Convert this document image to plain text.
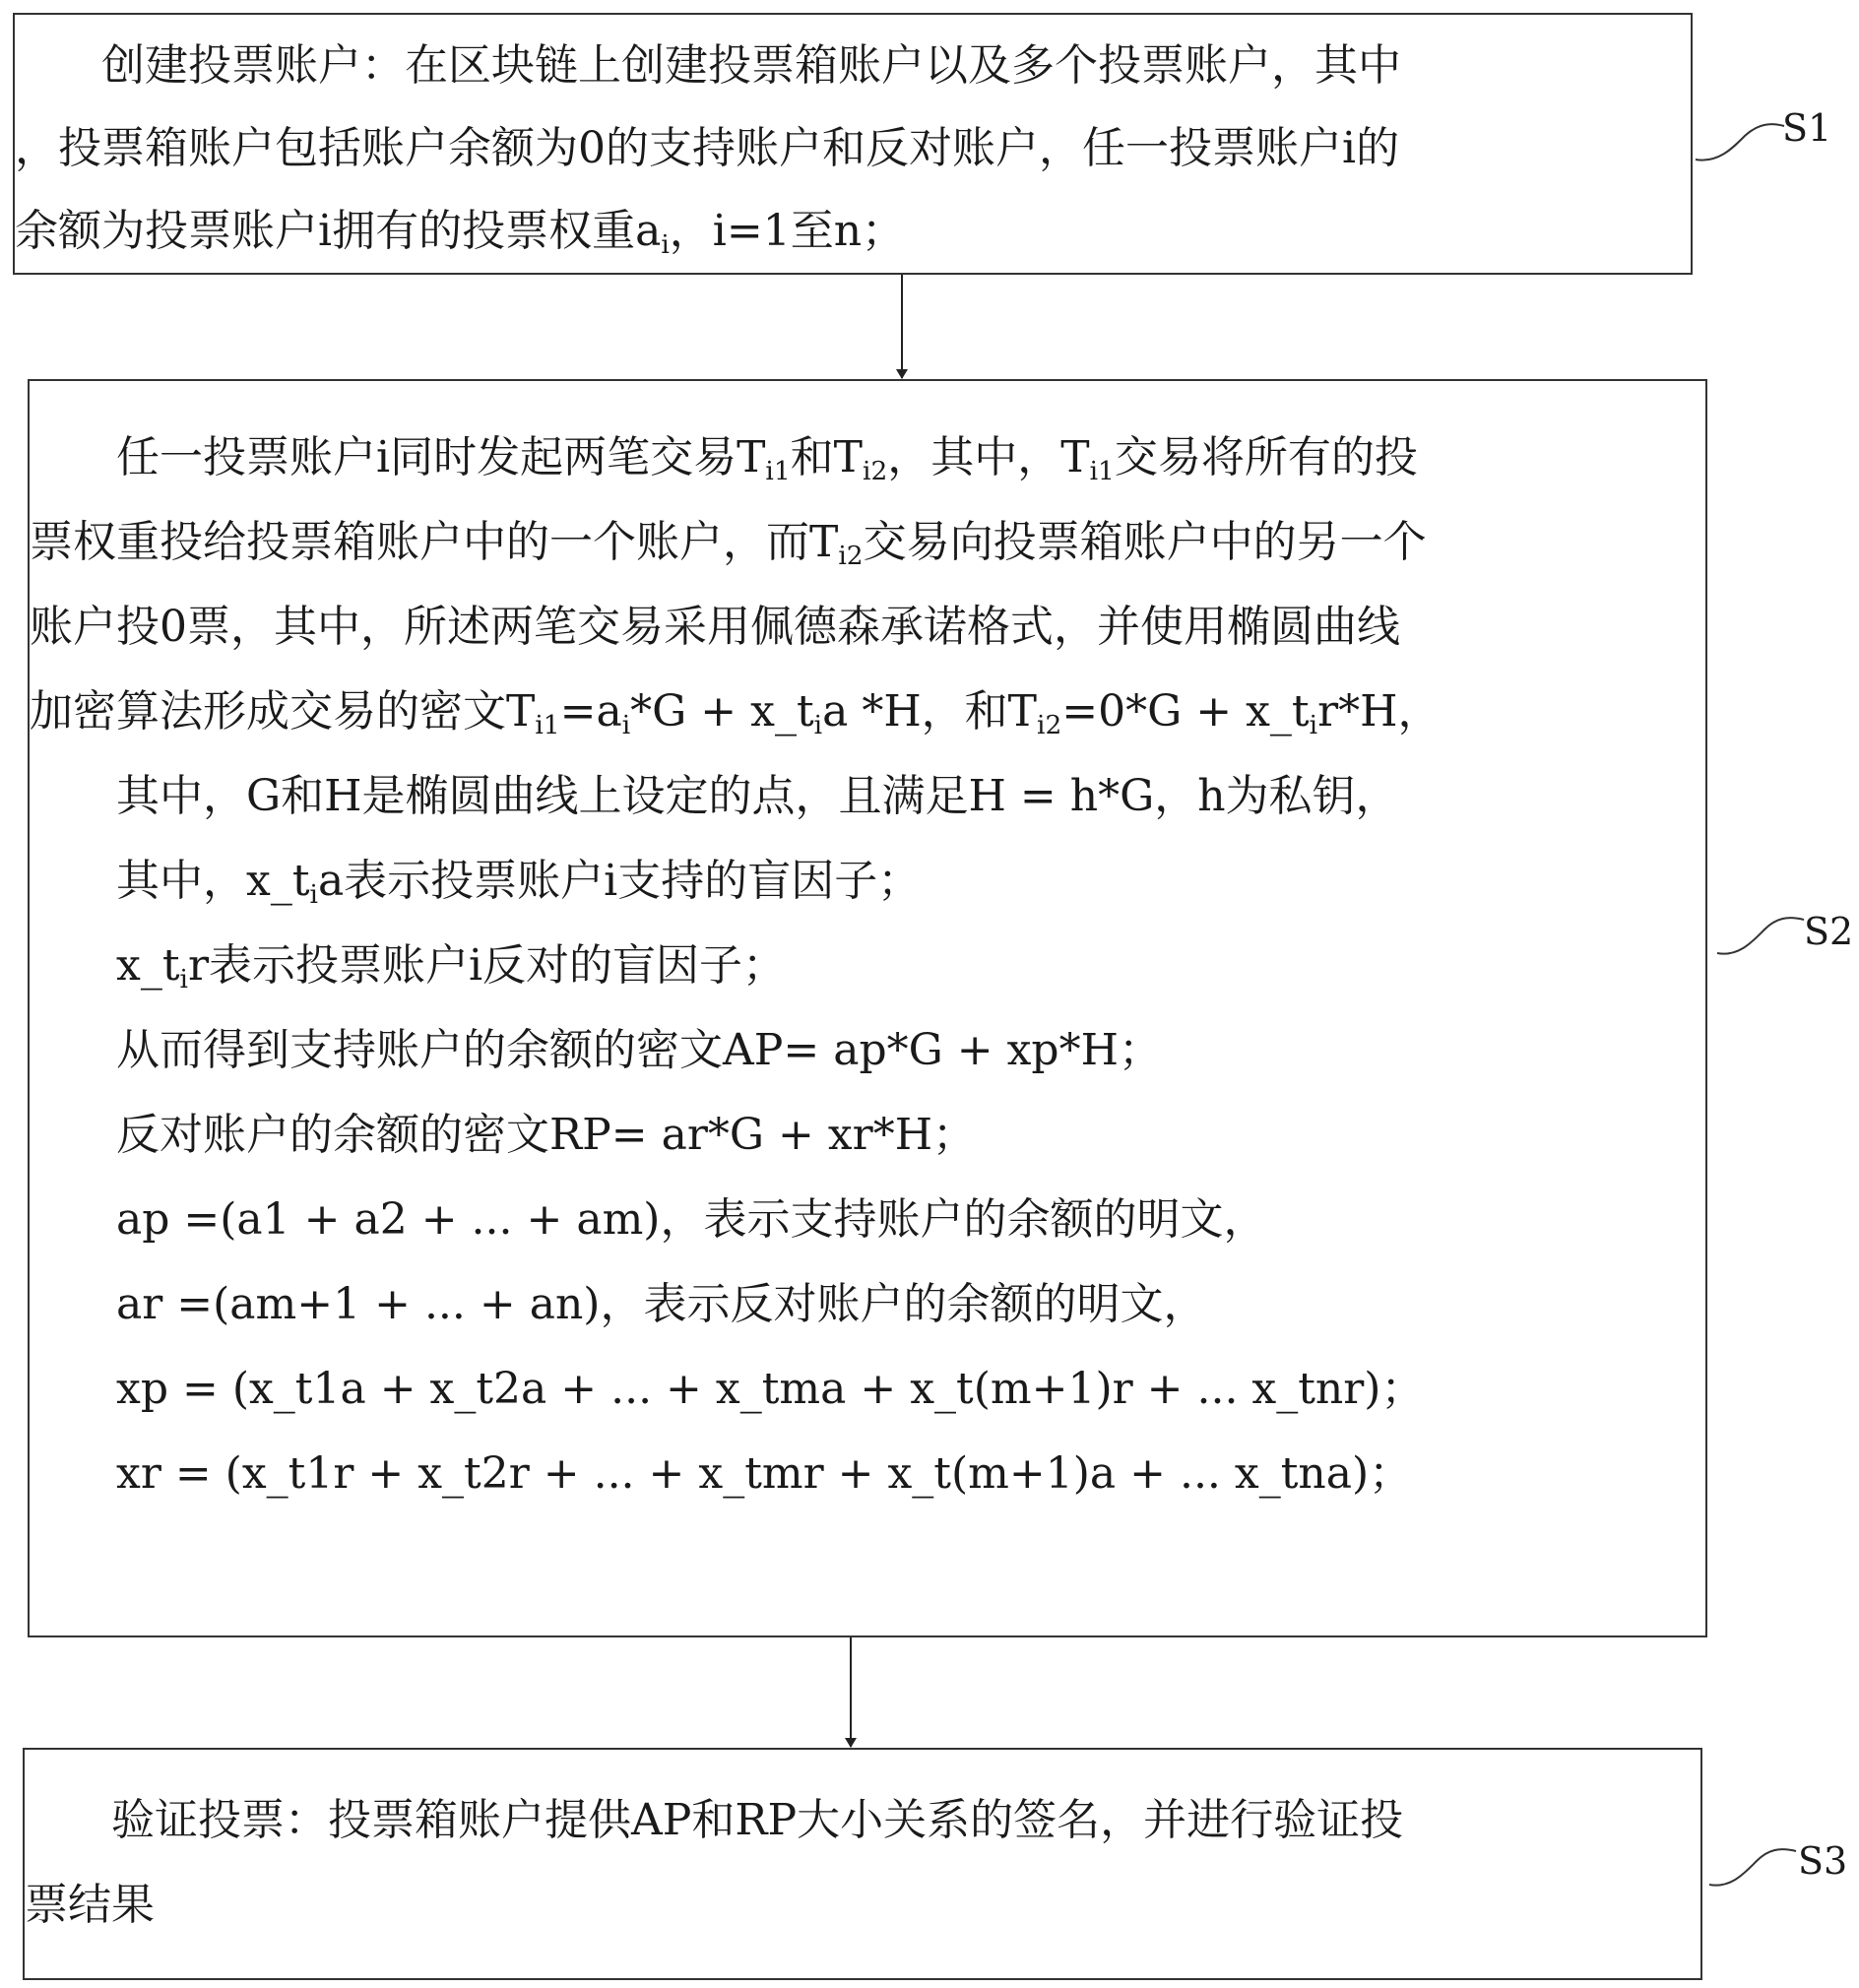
　　创建投票账户：在区块链上创建投票箱账户以及多个投票账户，其中
，投票箱账户包括账户余额为0的支持账户和反对账户，任一投票账户i的
余额为投票账户i拥有的投票权重$a_i$，i=1至n；
　　任一投票账户i同时发起两笔交易$T_{i1}$和$T_{i2}$，其中，$T_{i1}$交易将所有的投
票权重投给投票箱账户中的一个账户，而$T_{i2}$交易向投票箱账户中的另一个
账户投0票，其中，所述两笔交易采用佩德森承诺格式，并使用椭圆曲线
加密算法形成交易的密文$T_{i1}=a_i*G$ + $x\_t_ia$ *H，和$T_{i2}=0*G$ + $x\_t_ir*H$，
　　其中，G和H是椭圆曲线上设定的点，且满足H = h*G，h为私钥，
　　其中，$x\_t_ia$表示投票账户i支持的盲因子；
　　$x\_t_ir$表示投票账户i反对的盲因子；
　　从而得到支持账户的余额的密文AP= ap*G + xp*H；
　　反对账户的余额的密文RP= ar*G + xr*H；
　　ap =(a1 + a2 + ... + am)，表示支持账户的余额的明文，
　　ar =(am+1 + ... + an)，表示反对账户的余额的明文，
　　xp = (x_t1a + x_t2a + ... + x_tma + x_t(m+1)r + ... x_tnr)；
　　xr = (x_t1r + x_t2r + ... + x_tmr + x_t(m+1)a + ... x_tna)；
　　验证投票：投票箱账户提供AP和RP大小关系的签名，并进行验证投
票结果
S1
S2
S3
